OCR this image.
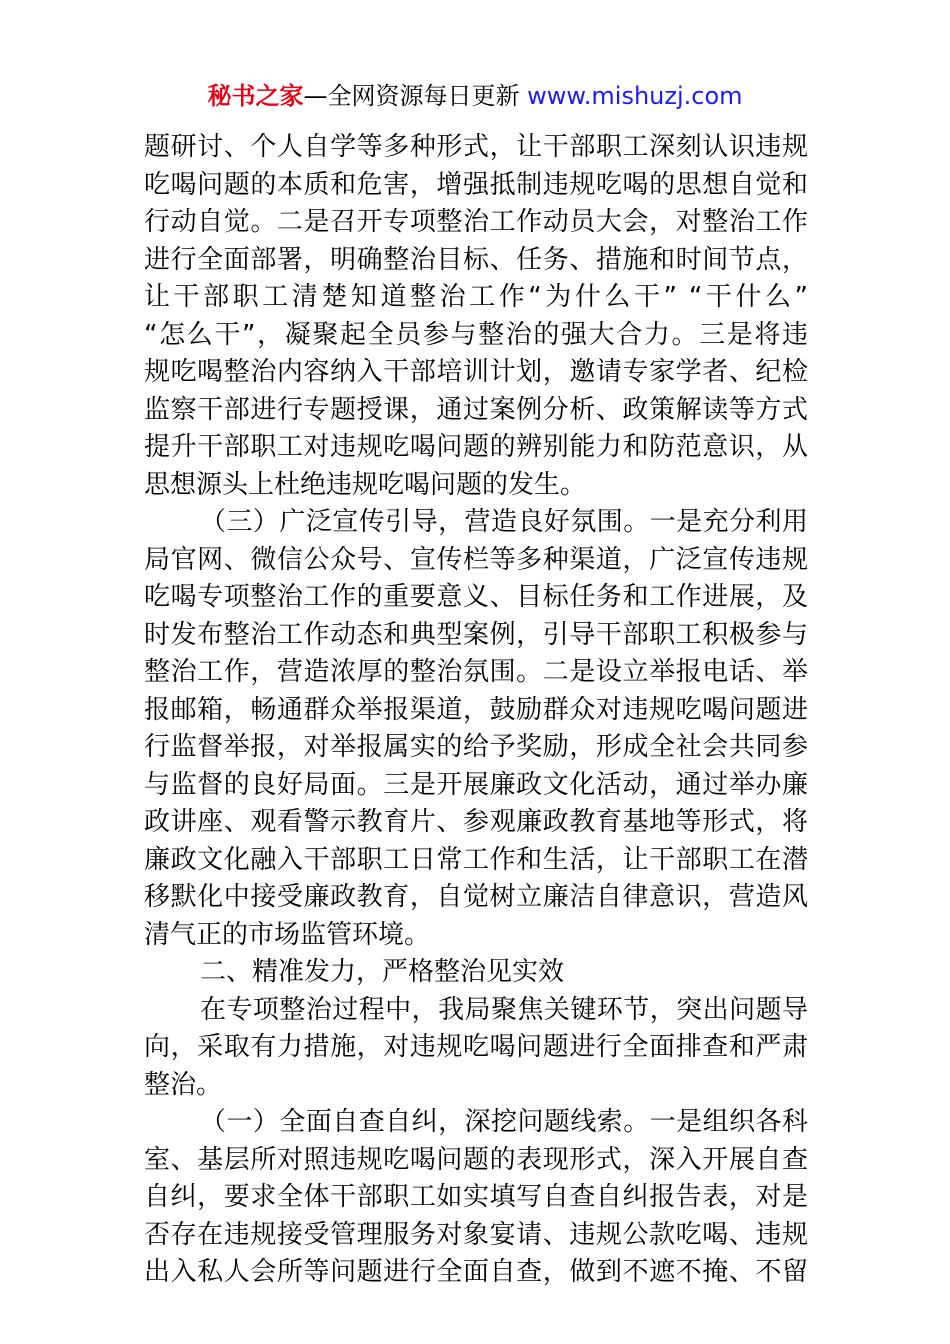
秘书之家—全网资源每日更新 www.mishuzj.com
题研讨、个人自学等多种形式，让干部职工深刻认识违规
吃喝问题的本质和危害，增强抵制违规吃喝的思想自觉和
行动自觉。二是召开专项整治工作动员大会，对整治工作
进行全面部署，明确整治目标、任务、措施和时间节点，
让干部职工清楚知道整治工作“为什么干” “干什么”
“怎么干”，凝聚起全员参与整治的强大合力。三是将违
规吃喝整治内容纳入干部培训计划，邀请专家学者、纪检
监察干部进行专题授课，通过案例分析、政策解读等方式
提升干部职工对违规吃喝问题的辨别能力和防范意识，从
思想源头上杜绝违规吃喝问题的发生。
（三）广泛宣传引导，营造良好氛围。一是充分利用
局官网、微信公众号、宣传栏等多种渠道，广泛宣传违规
吃喝专项整治工作的重要意义、目标任务和工作进展，及
时发布整治工作动态和典型案例，引导干部职工积极参与
整治工作，营造浓厚的整治氛围。二是设立举报电话、举
报邮箱，畅通群众举报渠道，鼓励群众对违规吃喝问题进
行监督举报，对举报属实的给予奖励，形成全社会共同参
与监督的良好局面。三是开展廉政文化活动，通过举办廉
政讲座、观看警示教育片、参观廉政教育基地等形式，将
廉政文化融入干部职工日常工作和生活，让干部职工在潜
移默化中接受廉政教育，自觉树立廉洁自律意识，营造风
清气正的市场监管环境。
二、精准发力，严格整治见实效
在专项整治过程中，我局聚焦关键环节，突出问题导
向，采取有力措施，对违规吃喝问题进行全面排查和严肃
整治。
（一）全面自查自纠，深挖问题线索。一是组织各科
室、基层所对照违规吃喝问题的表现形式，深入开展自查
自纠，要求全体干部职工如实填写自查自纠报告表，对是
否存在违规接受管理服务对象宴请、违规公款吃喝、违规
出入私人会所等问题进行全面自查，做到不遮不掩、不留
